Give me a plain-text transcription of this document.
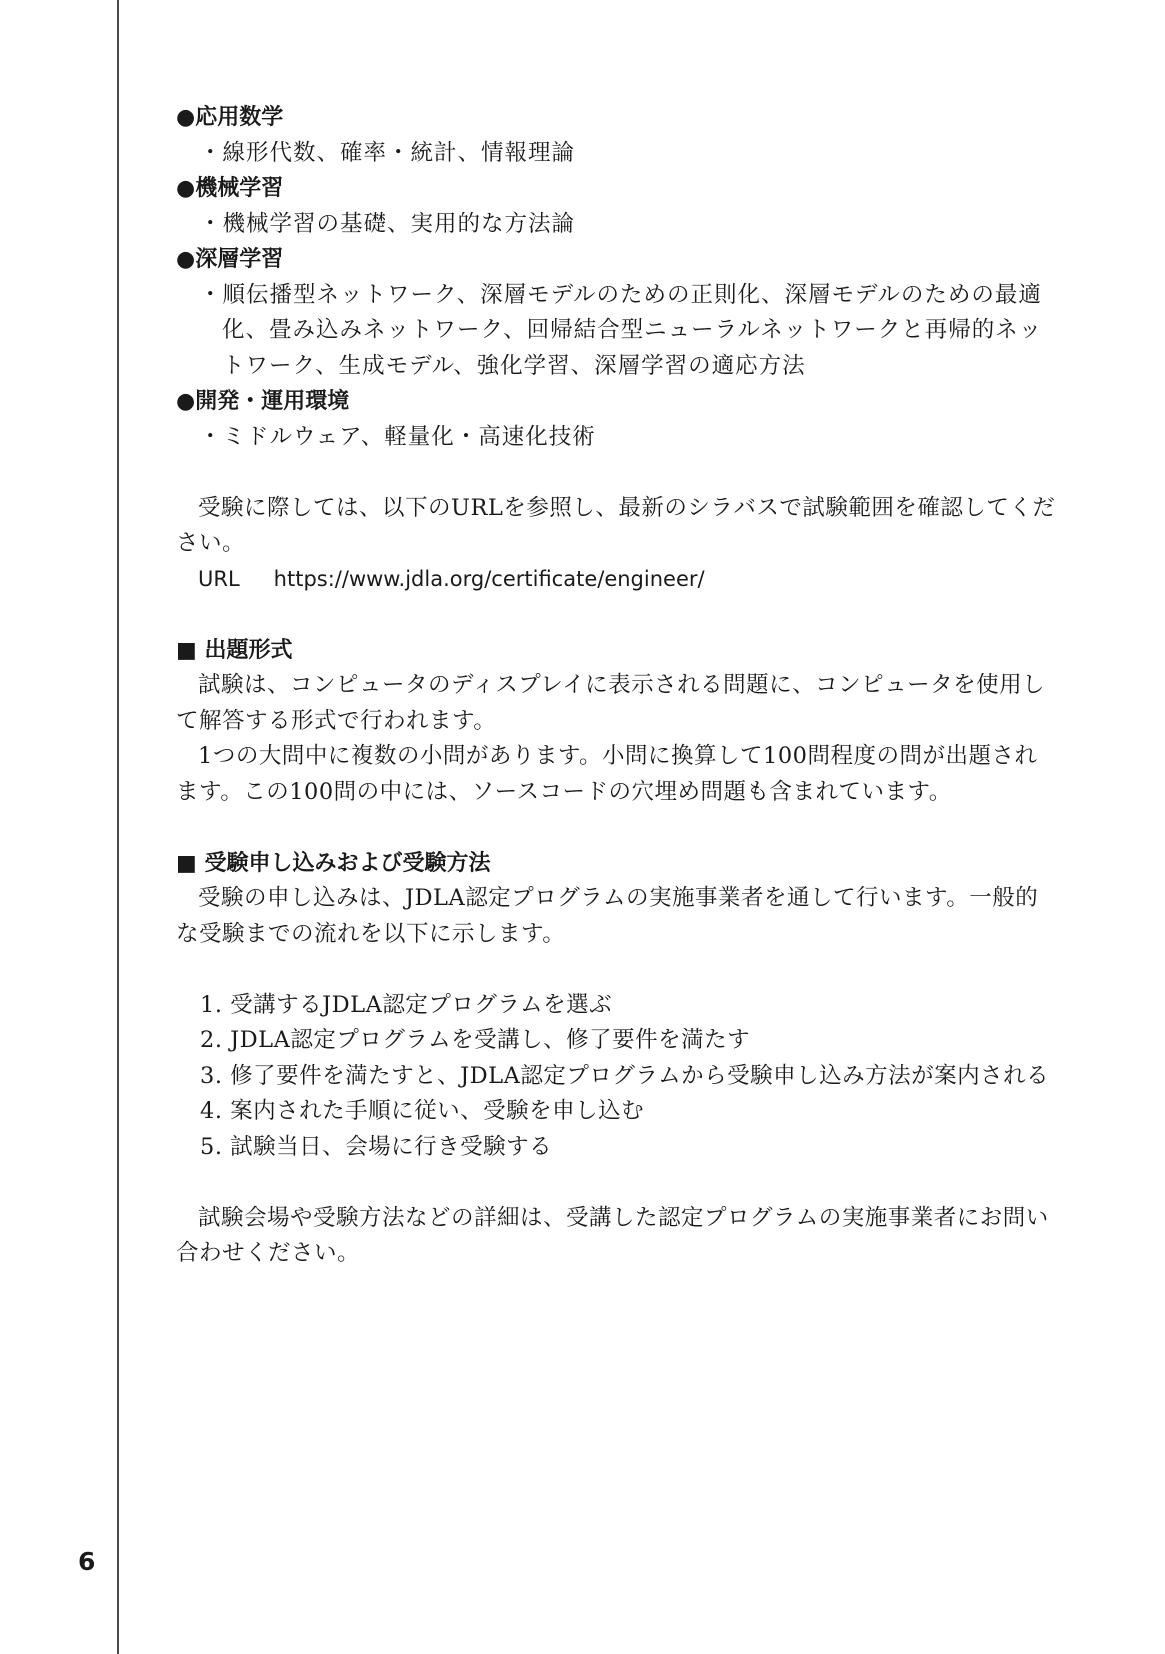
6

●応用数学

・線形代数、確率・統計、情報理論

●機械学習

・機械学習の基礎、実用的な方法論

●深層学習

・順伝播型ネットワーク、深層モデルのための正則化、深層モデルのための最適化、畳み込みネットワーク、回帰結合型ニューラルネットワークと再帰的ネットワーク、生成モデル、強化学習、深層学習の適応方法

●開発・運用環境

・ミドルウェア、軽量化・高速化技術

受験に際しては、以下のURLを参照し、最新のシラバスで試験範囲を確認してください。

URL https://www.jdla.org/certificate/engineer/

■ 出題形式

試験は、コンピュータのディスプレイに表示される問題に、コンピュータを使用して解答する形式で行われます。

1つの大問中に複数の小問があります。小問に換算して100問程度の問が出題されます。この100問の中には、ソースコードの穴埋め問題も含まれています。

■ 受験申し込みおよび受験方法

受験の申し込みは、JDLA認定プログラムの実施事業者を通して行います。一般的な受験までの流れを以下に示します。

1. 受講するJDLA認定プログラムを選ぶ
2. JDLA認定プログラムを受講し、修了要件を満たす
3. 修了要件を満たすと、JDLA認定プログラムから受験申し込み方法が案内される
4. 案内された手順に従い、受験を申し込む
5. 試験当日、会場に行き受験する

試験会場や受験方法などの詳細は、受講した認定プログラムの実施事業者にお問い合わせください。
